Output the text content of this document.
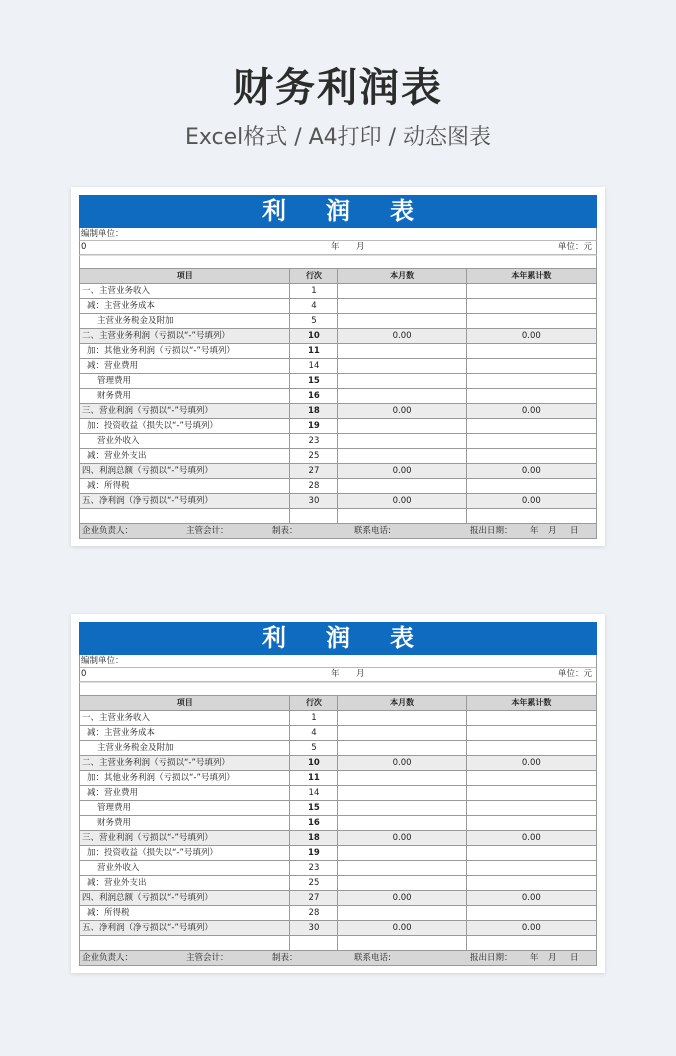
财务利润表
Excel格式 / A4打印 / 动态图表
利润表
编制单位：
0	年	月	单位：元
项目	行次	本月数	本年累计数
一、主营业务收入	1		
减：主营业务成本	4		
主营业务税金及附加	5		
二、主营业务利润（亏损以“-”号填列）	10	0.00	0.00
加：其他业务利润（亏损以“-”号填列）	11		
减：营业费用	14		
管理费用	15		
财务费用	16		
三、营业利润（亏损以“-”号填列）	18	0.00	0.00
加：投资收益（损失以“-”号填列）	19		
营业外收入	23		
减：营业外支出	25		
四、利润总额（亏损以“-”号填列）	27	0.00	0.00
减：所得税	28		
五、净利润（净亏损以“-”号填列）	30	0.00	0.00

企业负责人：	主管会计：	制表：	联系电话:	报出日期：	年	月	日
利润表
编制单位：
0	年	月	单位：元
项目	行次	本月数	本年累计数
一、主营业务收入	1		
减：主营业务成本	4		
主营业务税金及附加	5		
二、主营业务利润（亏损以“-”号填列）	10	0.00	0.00
加：其他业务利润（亏损以“-”号填列）	11		
减：营业费用	14		
管理费用	15		
财务费用	16		
三、营业利润（亏损以“-”号填列）	18	0.00	0.00
加：投资收益（损失以“-”号填列）	19		
营业外收入	23		
减：营业外支出	25		
四、利润总额（亏损以“-”号填列）	27	0.00	0.00
减：所得税	28		
五、净利润（净亏损以“-”号填列）	30	0.00	0.00

企业负责人：	主管会计：	制表：	联系电话:	报出日期：	年	月	日
